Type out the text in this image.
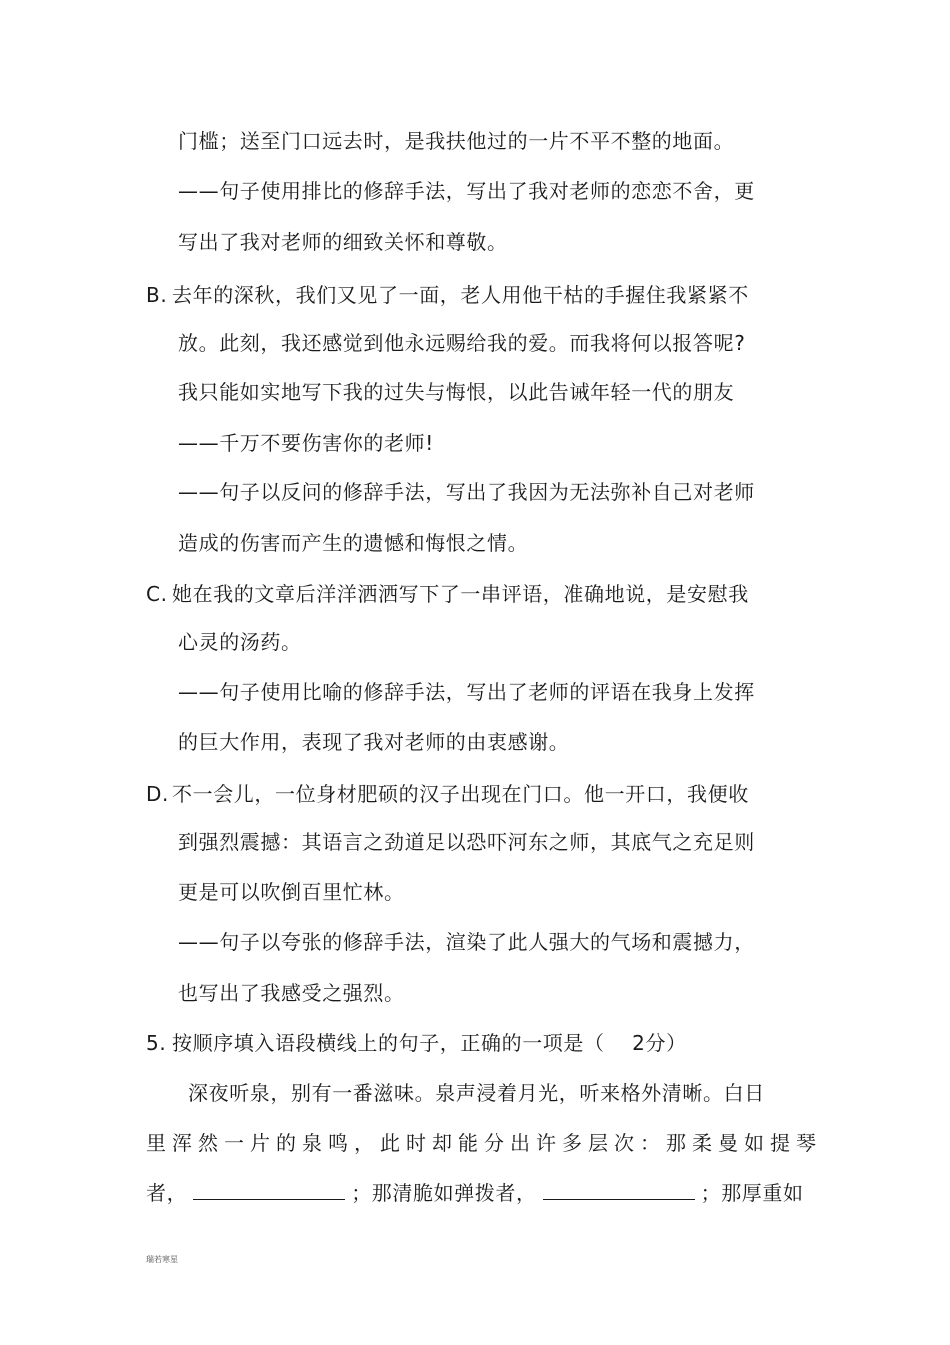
门槛；送至门口远去时，是我扶他过的一片不平不整的地面。
——句子使用排比的修辞手法，写出了我对老师的恋恋不舍，更
写出了我对老师的细致关怀和尊敬。
B. 去年的深秋，我们又见了一面，老人用他干枯的手握住我紧紧不
放。此刻，我还感觉到他永远赐给我的爱。而我将何以报答呢?
我只能如实地写下我的过失与悔恨，以此告诫年轻一代的朋友
——千万不要伤害你的老师!
——句子以反问的修辞手法，写出了我因为无法弥补自己对老师
造成的伤害而产生的遗憾和悔恨之情。
C. 她在我的文章后洋洋洒洒写下了一串评语，准确地说，是安慰我
心灵的汤药。
——句子使用比喻的修辞手法，写出了老师的评语在我身上发挥
的巨大作用，表现了我对老师的由衷感谢。
D. 不一会儿，一位身材肥硕的汉子出现在门口。他一开口，我便收
到强烈震撼：其语言之劲道足以恐吓河东之师，其底气之充足则
更是可以吹倒百里忙林。
——句子以夸张的修辞手法，渲染了此人强大的气场和震撼力，
也写出了我感受之强烈。
5. 按顺序填入语段横线上的句子，正确的一项是（　 2分）
深夜听泉，别有一番滋味。泉声浸着月光，听来格外清晰。白日
里浑然一片的泉鸣，此时却能分出许多层次：那柔曼如提琴
者，	；那清脆如弹拨者，	；那厚重如
瑞若寒星
